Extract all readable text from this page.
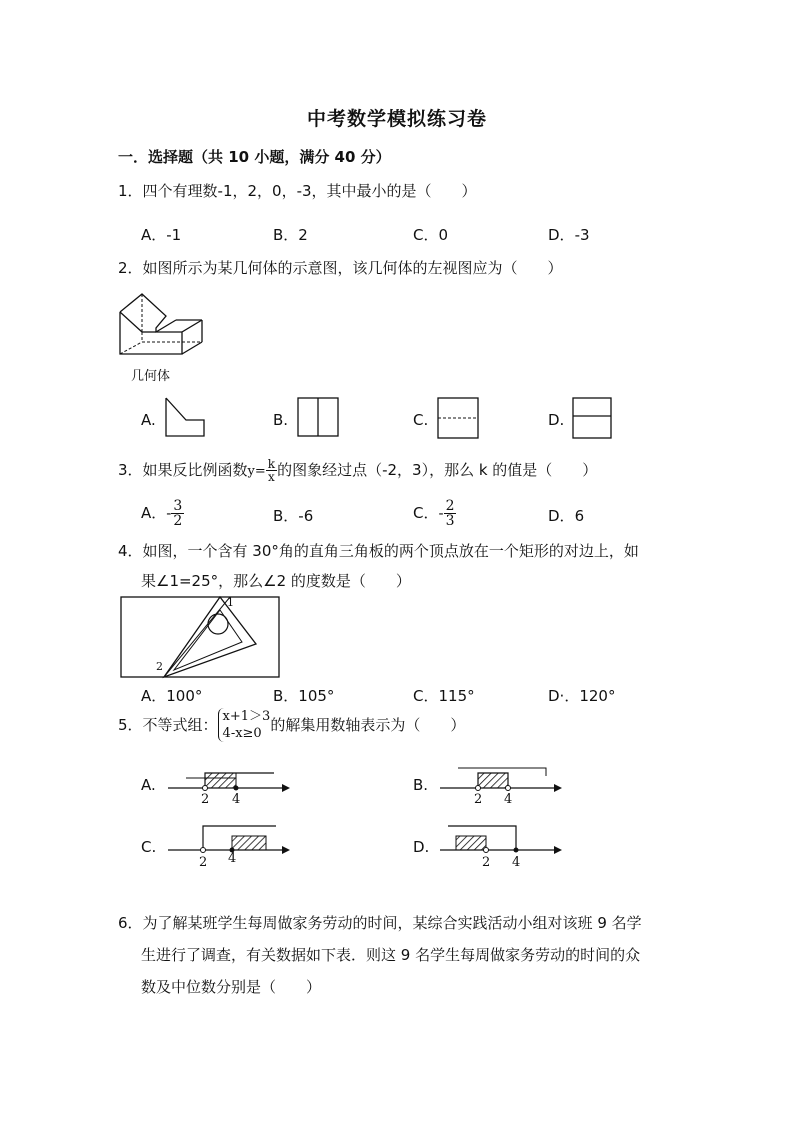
中考数学模拟练习卷
一．选择题（共 10 小题，满分 40 分）
1．四个有理数-1，2，0，-3，其中最小的是（　　）
A．-1	B．2	C．0	D．-3
2．如图所示为某几何体的示意图，该几何体的左视图应为（　　）
几何体
A.	B.	C.	D.
3．如果反比例函数$y= \frac{k}{x}$ 的图象经过点（-2，3），那么 k 的值是（　　）
A．- $\frac{3}{2}$	B．-6	C．- $\frac{2}{3}$	D．6
4．如图，一个含有 30°角的直角三角板的两个顶点放在一个矩形的对边上，如
果∠1=25°，那么∠2 的度数是（　　）
1
2
A．100°	B．105°	C．115°	D·．120°
5．不等式组： x+1＞3
4-x≥0 的解集用数轴表示为（　　）
A.
2 4
B.
2 4
C.
2 4
D.
2 4
6．为了解某班学生每周做家务劳动的时间，某综合实践活动小组对该班 9 名学
生进行了调查，有关数据如下表．则这 9 名学生每周做家务劳动的时间的众
数及中位数分别是（　　）
